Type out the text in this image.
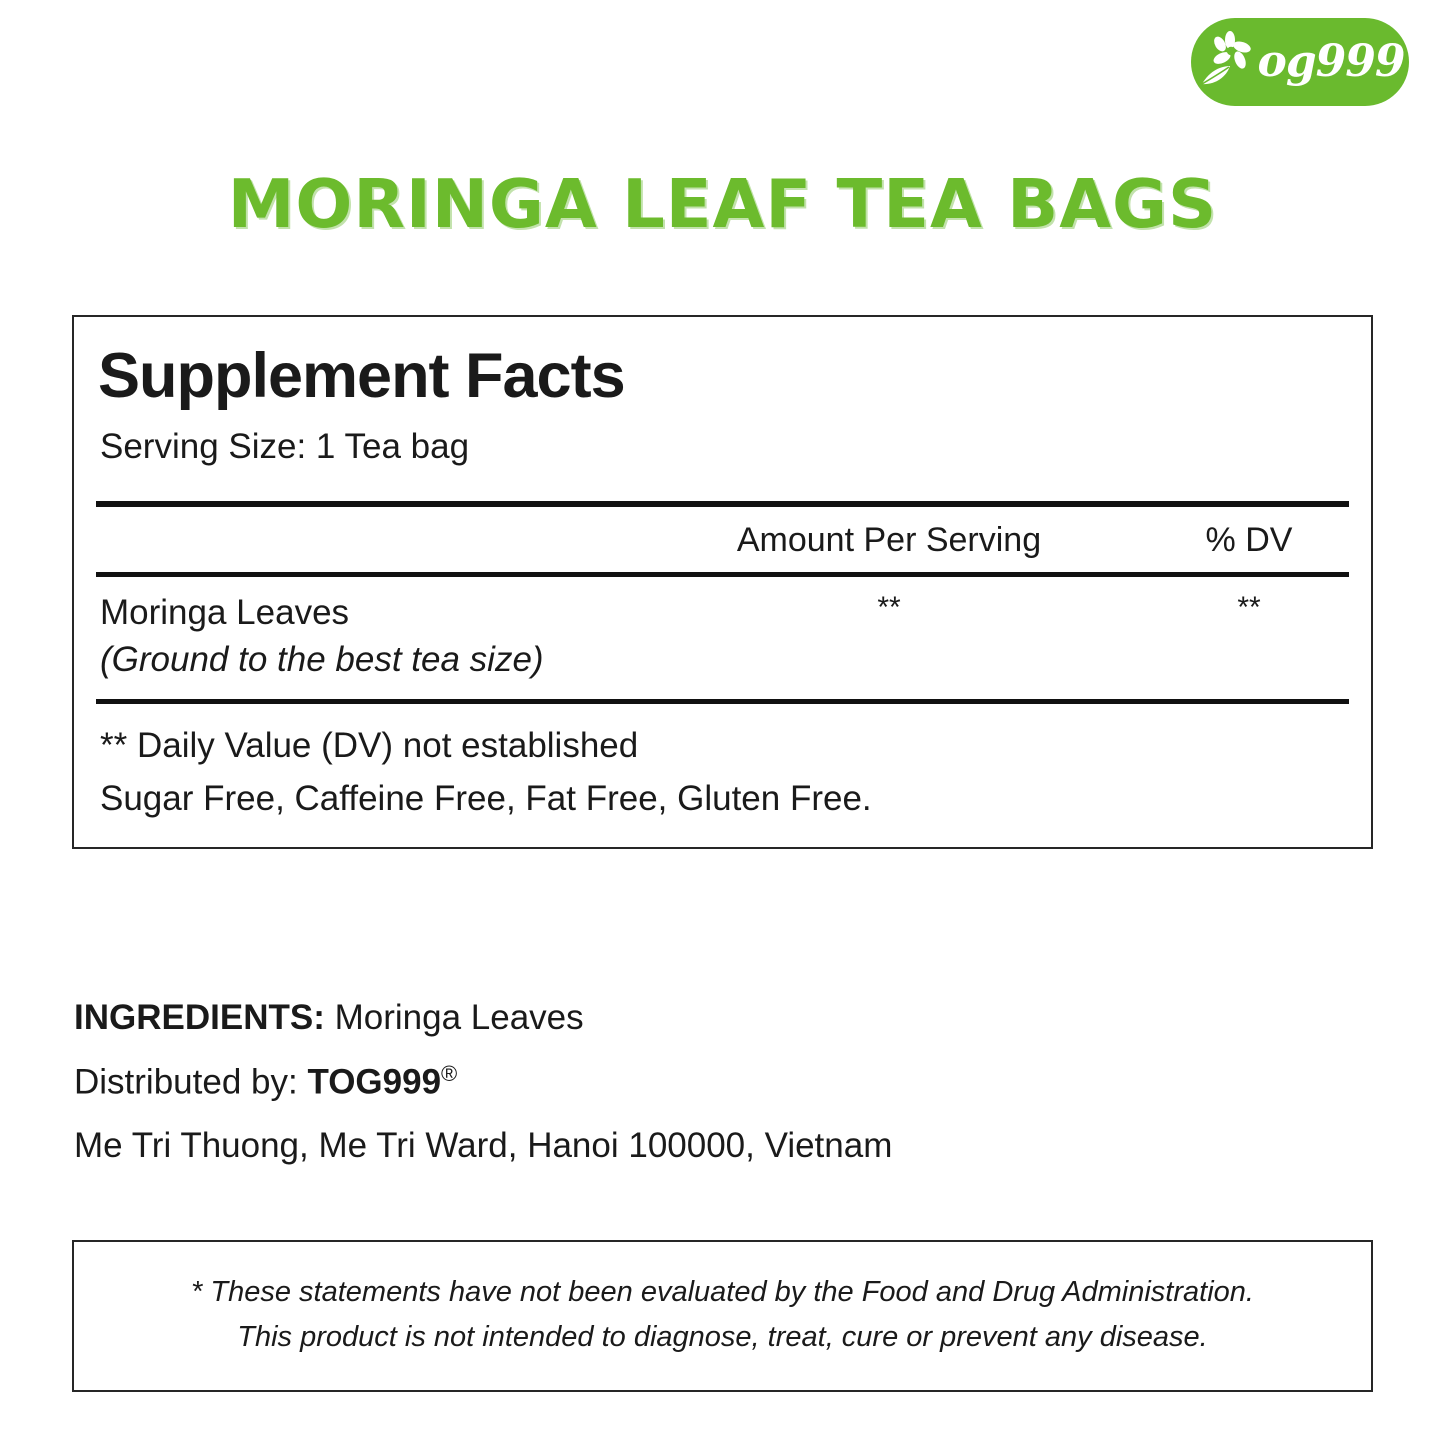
og999
MORINGA LEAF TEA BAGS
Supplement Facts
Serving Size: 1 Tea bag
Amount Per Serving	% DV
Moringa Leaves
(Ground to the best tea size)
**	**
** Daily Value (DV) not established
Sugar Free, Caffeine Free, Fat Free, Gluten Free.
INGREDIENTS: Moringa Leaves
Distributed by: TOG999®
Me Tri Thuong, Me Tri Ward, Hanoi 100000, Vietnam

* These statements have not been evaluated by the Food and Drug Administration.

This product is not intended to diagnose, treat, cure or prevent any disease.
